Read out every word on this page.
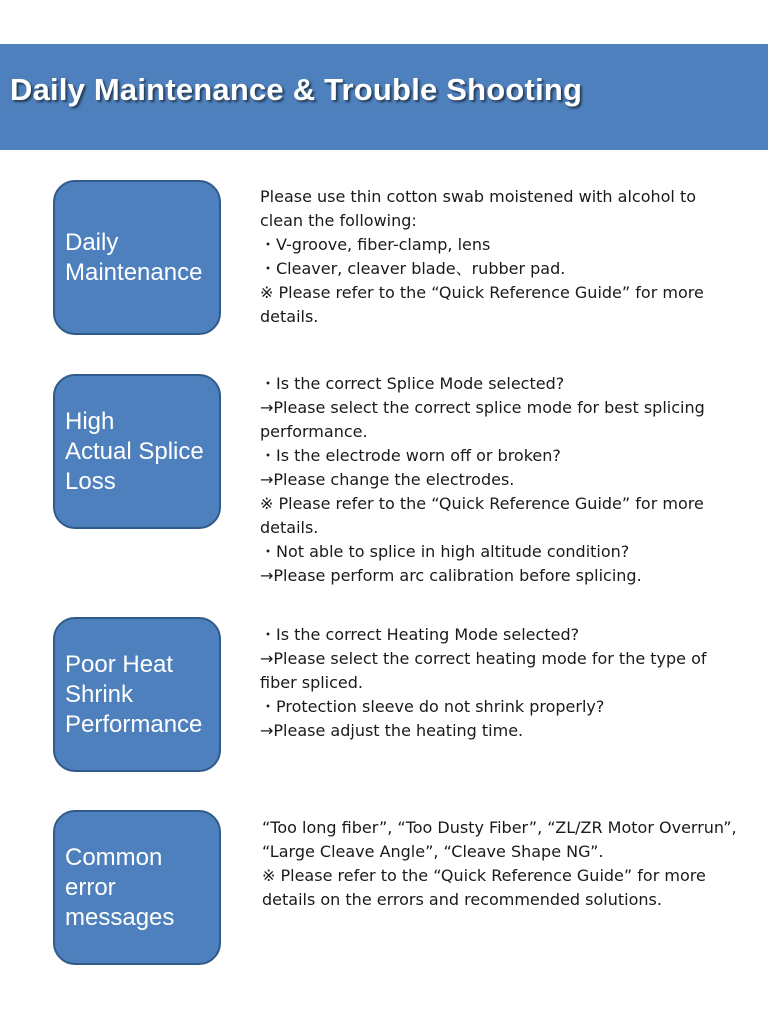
Daily Maintenance & Trouble Shooting
Daily
Maintenance
Please use thin cotton swab moistened with alcohol to
clean the following:
・V-groove, fiber-clamp, lens
・Cleaver, cleaver blade、rubber pad.
※ Please refer to the “Quick Reference Guide” for more
details.
High
Actual Splice
Loss
・Is the correct Splice Mode selected?
→Please select the correct splice mode for best splicing
performance.
・Is the electrode worn off or broken?
→Please change the electrodes.
※ Please refer to the “Quick Reference Guide” for more
details.
・Not able to splice in high altitude condition?
→Please perform arc calibration before splicing.
Poor Heat
Shrink
Performance
・Is the correct Heating Mode selected?
→Please select the correct heating mode for the type of
fiber spliced.
・Protection sleeve do not shrink properly?
→Please adjust the heating time.
Common
error
messages
“Too long fiber”, “Too Dusty Fiber”, “ZL/ZR Motor Overrun”,
“Large Cleave Angle”, “Cleave Shape NG”.
※ Please refer to the “Quick Reference Guide” for more
details on the errors and recommended solutions.
